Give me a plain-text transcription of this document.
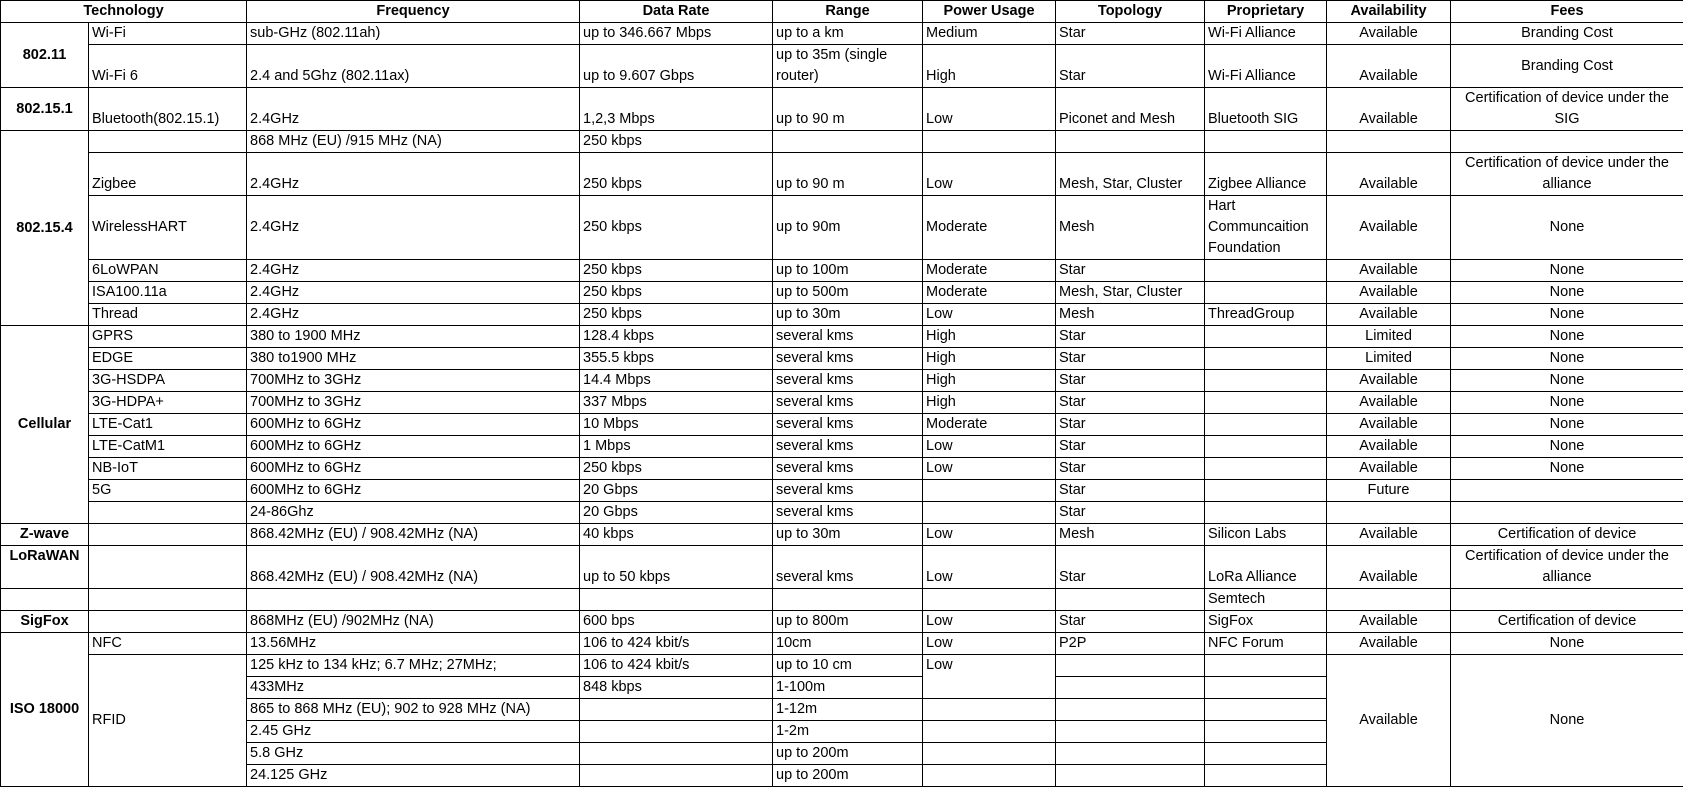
Technology		Frequency	Data Rate	Range	Power Usage	Topology	Proprietary	Availability	Fees
802.11	Wi-Fi	sub-GHz (802.11ah)	up to 346.667 Mbps	up to a km	Medium	Star	Wi-Fi Alliance	Available	Branding Cost
	Wi-Fi 6	2.4 and 5Ghz (802.11ax)	up to 9.607 Gbps	up to 35m (single router)	High	Star	Wi-Fi Alliance	Available	Branding Cost
802.15.1	Bluetooth(802.15.1)	2.4GHz	1,2,3 Mbps	up to 90 m	Low	Piconet and Mesh	Bluetooth SIG	Available	Certification of device under the SIG
802.15.4		868 MHz (EU) /915 MHz (NA)	250 kbps						
	Zigbee	2.4GHz	250 kbps	up to 90 m	Low	Mesh, Star, Cluster	Zigbee Alliance	Available	Certification of device under the alliance
	WirelessHART	2.4GHz	250 kbps	up to 90m	Moderate	Mesh	Hart Communcaition Foundation	Available	None
	6LoWPAN	2.4GHz	250 kbps	up to 100m	Moderate	Star		Available	None
	ISA100.11a	2.4GHz	250 kbps	up to 500m	Moderate	Mesh, Star, Cluster		Available	None
	Thread	2.4GHz	250 kbps	up to 30m	Low	Mesh	ThreadGroup	Available	None
Cellular	GPRS	380 to 1900 MHz	128.4 kbps	several kms	High	Star		Limited	None
	EDGE	380 to1900 MHz	355.5 kbps	several kms	High	Star		Limited	None
	3G-HSDPA	700MHz to 3GHz	14.4 Mbps	several kms	High	Star		Available	None
	3G-HDPA+	700MHz to 3GHz	337 Mbps	several kms	High	Star		Available	None
	LTE-Cat1	600MHz to 6GHz	10 Mbps	several kms	Moderate	Star		Available	None
	LTE-CatM1	600MHz to 6GHz	1 Mbps	several kms	Low	Star		Available	None
	NB-IoT	600MHz to 6GHz	250 kbps	several kms	Low	Star		Available	None
	5G	600MHz to 6GHz	20 Gbps	several kms		Star		Future	
		24-86Ghz	20 Gbps	several kms		Star			
Z-wave		868.42MHz (EU) / 908.42MHz (NA)	40 kbps	up to 30m	Low	Mesh	Silicon Labs	Available	Certification of device
LoRaWAN		868.42MHz (EU) / 908.42MHz (NA)	up to 50 kbps	several kms	Low	Star	LoRa Alliance	Available	Certification of device under the alliance
							Semtech		
SigFox		868MHz (EU) /902MHz (NA)	600 bps	up to 800m	Low	Star	SigFox	Available	Certification of device
ISO 18000	NFC	13.56MHz	106 to 424 kbit/s	10cm	Low	P2P	NFC Forum	Available	None
	RFID	125 kHz to 134 kHz; 6.7 MHz; 27MHz;	106 to 424 kbit/s	up to 10 cm	Low			Available	None
		433MHz	848 kbps	1-100m					
		865 to 868 MHz (EU); 902 to 928 MHz (NA)		1-12m					
		2.45 GHz		1-2m					
		5.8 GHz		up to 200m					
		24.125 GHz		up to 200m					
